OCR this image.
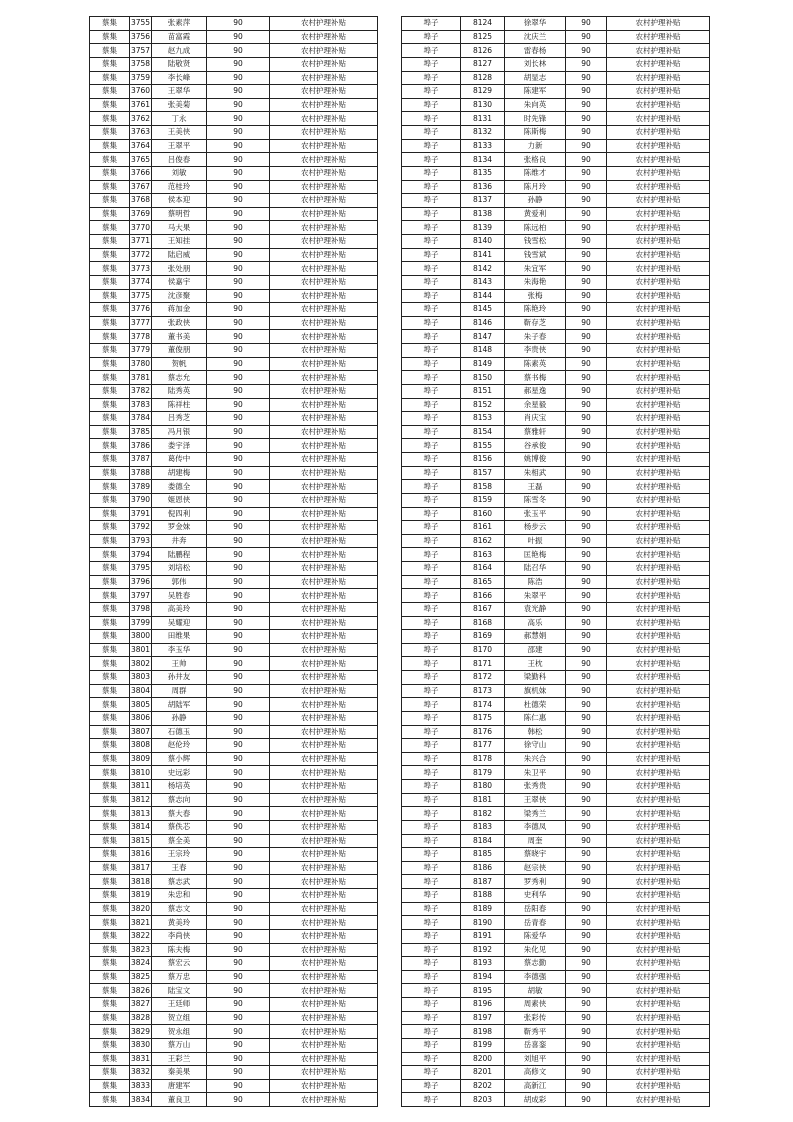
蔡集	3755	张素萍	90	农村护理补贴
蔡集	3756	苗富霞	90	农村护理补贴
蔡集	3757	赵九成	90	农村护理补贴
蔡集	3758	陆敬贤	90	农村护理补贴
蔡集	3759	李长峰	90	农村护理补贴
蔡集	3760	王翠华	90	农村护理补贴
蔡集	3761	张美菊	90	农村护理补贴
蔡集	3762	丁永	90	农村护理补贴
蔡集	3763	王美侠	90	农村护理补贴
蔡集	3764	王翠平	90	农村护理补贴
蔡集	3765	吕俊春	90	农村护理补贴
蔡集	3766	刘敏	90	农村护理补贴
蔡集	3767	范桂玲	90	农村护理补贴
蔡集	3768	侯本迎	90	农村护理补贴
蔡集	3769	蔡明哲	90	农村护理补贴
蔡集	3770	马大果	90	农村护理补贴
蔡集	3771	王知挂	90	农村护理补贴
蔡集	3772	陆启威	90	农村护理补贴
蔡集	3773	张处朋	90	农村护理补贴
蔡集	3774	侯嘉宇	90	农村护理补贴
蔡集	3775	沈彦聚	90	农村护理补贴
蔡集	3776	蒋加金	90	农村护理补贴
蔡集	3777	张政侠	90	农村护理补贴
蔡集	3778	董书美	90	农村护理补贴
蔡集	3779	董俊朋	90	农村护理补贴
蔡集	3780	贺帆	90	农村护理补贴
蔡集	3781	蔡志允	90	农村护理补贴
蔡集	3782	陆秀英	90	农村护理补贴
蔡集	3783	陈祥柱	90	农村护理补贴
蔡集	3784	吕秀芝	90	农村护理补贴
蔡集	3785	冯月银	90	农村护理补贴
蔡集	3786	娄宇泽	90	农村护理补贴
蔡集	3787	葛传中	90	农村护理补贴
蔡集	3788	胡建梅	90	农村护理补贴
蔡集	3789	娄德全	90	农村护理补贴
蔡集	3790	姬恩侠	90	农村护理补贴
蔡集	3791	倪四利	90	农村护理补贴
蔡集	3792	罗金妹	90	农村护理补贴
蔡集	3793	井奔	90	农村护理补贴
蔡集	3794	陆鹏程	90	农村护理补贴
蔡集	3795	刘培松	90	农村护理补贴
蔡集	3796	郭伟	90	农村护理补贴
蔡集	3797	吴胜春	90	农村护理补贴
蔡集	3798	高美玲	90	农村护理补贴
蔡集	3799	吴耀迎	90	农村护理补贴
蔡集	3800	田维果	90	农村护理补贴
蔡集	3801	李玉华	90	农村护理补贴
蔡集	3802	王帅	90	农村护理补贴
蔡集	3803	孙井友	90	农村护理补贴
蔡集	3804	周群	90	农村护理补贴
蔡集	3805	胡陆军	90	农村护理补贴
蔡集	3806	孙静	90	农村护理补贴
蔡集	3807	石德玉	90	农村护理补贴
蔡集	3808	赵伦玲	90	农村护理补贴
蔡集	3809	蔡小辉	90	农村护理补贴
蔡集	3810	史远彩	90	农村护理补贴
蔡集	3811	杨培英	90	农村护理补贴
蔡集	3812	蔡志向	90	农村护理补贴
蔡集	3813	蔡大春	90	农村护理补贴
蔡集	3814	蔡佚芯	90	农村护理补贴
蔡集	3815	蔡全美	90	农村护理补贴
蔡集	3816	王宗玲	90	农村护理补贴
蔡集	3817	王春	90	农村护理补贴
蔡集	3818	蔡志武	90	农村护理补贴
蔡集	3819	朱忠和	90	农村护理补贴
蔡集	3820	蔡志文	90	农村护理补贴
蔡集	3821	黄美玲	90	农村护理补贴
蔡集	3822	李尚侠	90	农村护理补贴
蔡集	3823	陈夫梅	90	农村护理补贴
蔡集	3824	蔡宏云	90	农村护理补贴
蔡集	3825	蔡万忠	90	农村护理补贴
蔡集	3826	陆宝文	90	农村护理补贴
蔡集	3827	王廷师	90	农村护理补贴
蔡集	3828	贺立组	90	农村护理补贴
蔡集	3829	贺永组	90	农村护理补贴
蔡集	3830	蔡万山	90	农村护理补贴
蔡集	3831	王彩兰	90	农村护理补贴
蔡集	3832	秦美果	90	农村护理补贴
蔡集	3833	唐建军	90	农村护理补贴
蔡集	3834	董良卫	90	农村护理补贴
埠子	8124	徐翠华	90	农村护理补贴
埠子	8125	沈庆兰	90	农村护理补贴
埠子	8126	雷春杨	90	农村护理补贴
埠子	8127	刘长林	90	农村护理补贴
埠子	8128	胡显志	90	农村护理补贴
埠子	8129	陈建军	90	农村护理补贴
埠子	8130	朱向英	90	农村护理补贴
埠子	8131	时先锋	90	农村护理补贴
埠子	8132	陈斯梅	90	农村护理补贴
埠子	8133	力新	90	农村护理补贴
埠子	8134	张格良	90	农村护理补贴
埠子	8135	陈维才	90	农村护理补贴
埠子	8136	陈月玲	90	农村护理补贴
埠子	8137	孙静	90	农村护理补贴
埠子	8138	黄爱利	90	农村护理补贴
埠子	8139	陈远柏	90	农村护理补贴
埠子	8140	钱雪松	90	农村护理补贴
埠子	8141	钱雪斌	90	农村护理补贴
埠子	8142	朱宜军	90	农村护理补贴
埠子	8143	朱海艳	90	农村护理补贴
埠子	8144	张梅	90	农村护理补贴
埠子	8145	陈艳玲	90	农村护理补贴
埠子	8146	靳存芝	90	农村护理补贴
埠子	8147	朱子春	90	农村护理补贴
埠子	8148	李贵侠	90	农村护理补贴
埠子	8149	陈素英	90	农村护理补贴
埠子	8150	蔡书梅	90	农村护理补贴
埠子	8151	郝星逸	90	农村护理补贴
埠子	8152	余星毅	90	农村护理补贴
埠子	8153	肖庆宝	90	农村护理补贴
埠子	8154	蔡雅轩	90	农村护理补贴
埠子	8155	谷承俊	90	农村护理补贴
埠子	8156	姚博俊	90	农村护理补贴
埠子	8157	朱相武	90	农村护理补贴
埠子	8158	王磊	90	农村护理补贴
埠子	8159	陈雪冬	90	农村护理补贴
埠子	8160	张玉平	90	农村护理补贴
埠子	8161	杨步云	90	农村护理补贴
埠子	8162	叶振	90	农村护理补贴
埠子	8163	匡艳梅	90	农村护理补贴
埠子	8164	陆召华	90	农村护理补贴
埠子	8165	陈浩	90	农村护理补贴
埠子	8166	朱翠平	90	农村护理补贴
埠子	8167	袁光静	90	农村护理补贴
埠子	8168	高乐	90	农村护理补贴
埠子	8169	郝慧娟	90	农村护理补贴
埠子	8170	邵建	90	农村护理补贴
埠子	8171	王枕	90	农村护理补贴
埠子	8172	梁勤科	90	农村护理补贴
埠子	8173	旗机妹	90	农村护理补贴
埠子	8174	杜德荣	90	农村护理补贴
埠子	8175	陈仁惠	90	农村护理补贴
埠子	8176	韩松	90	农村护理补贴
埠子	8177	徐守山	90	农村护理补贴
埠子	8178	朱兴合	90	农村护理补贴
埠子	8179	朱卫平	90	农村护理补贴
埠子	8180	张秀贵	90	农村护理补贴
埠子	8181	王翠侠	90	农村护理补贴
埠子	8182	梁秀兰	90	农村护理补贴
埠子	8183	李德凤	90	农村护理补贴
埠子	8184	周奎	90	农村护理补贴
埠子	8185	蔡晓宇	90	农村护理补贴
埠子	8186	赵宗侠	90	农村护理补贴
埠子	8187	罗秀利	90	农村护理补贴
埠子	8188	史利华	90	农村护理补贴
埠子	8189	岳阳春	90	农村护理补贴
埠子	8190	岳青春	90	农村护理补贴
埠子	8191	陈爱华	90	农村护理补贴
埠子	8192	朱化见	90	农村护理补贴
埠子	8193	蔡志勤	90	农村护理补贴
埠子	8194	李德强	90	农村护理补贴
埠子	8195	胡敏	90	农村护理补贴
埠子	8196	周素侠	90	农村护理补贴
埠子	8197	张彩传	90	农村护理补贴
埠子	8198	靳秀平	90	农村护理补贴
埠子	8199	岳喜銮	90	农村护理补贴
埠子	8200	刘旭平	90	农村护理补贴
埠子	8201	高修文	90	农村护理补贴
埠子	8202	高新江	90	农村护理补贴
埠子	8203	胡成彩	90	农村护理补贴
